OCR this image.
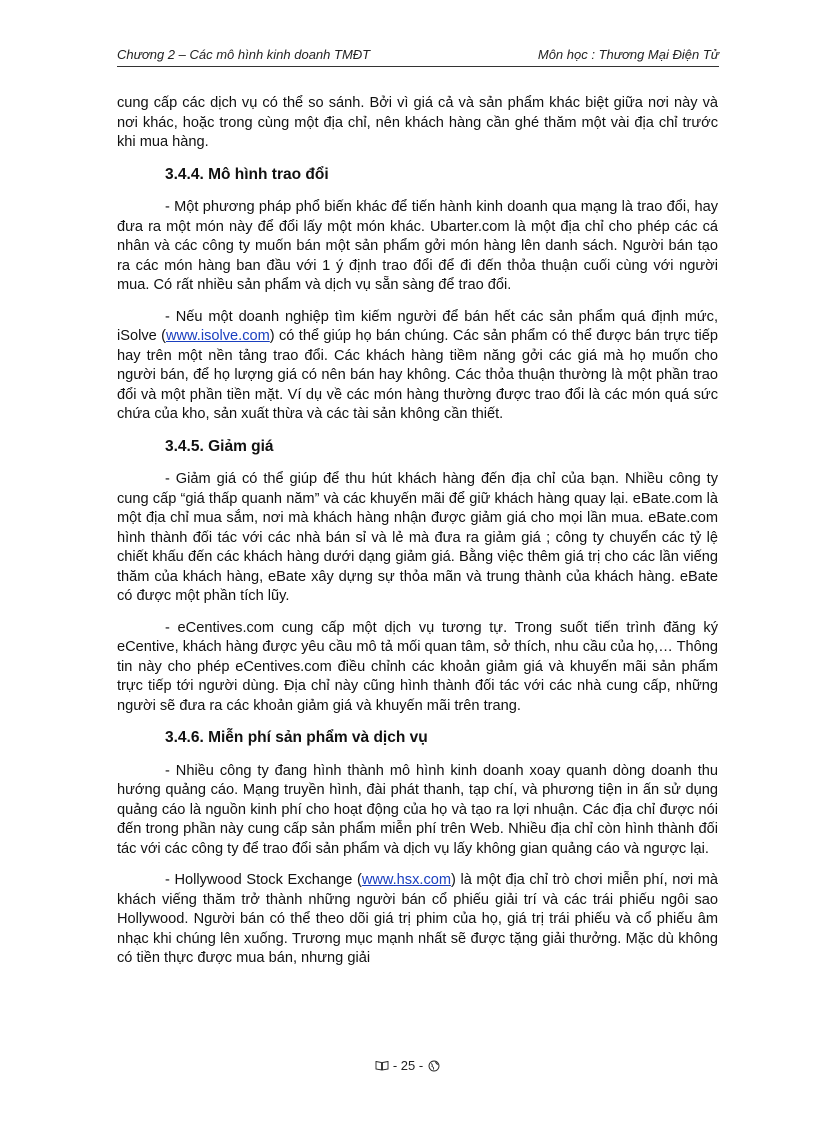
Chương 2 – Các mô hình kinh doanh TMĐT	Môn học : Thương Mại Điện Tử

cung cấp các dịch vụ có thể so sánh. Bởi vì giá cả và sản phẩm khác biệt giữa nơi này và nơi khác, hoặc trong cùng một địa chỉ, nên khách hàng cần ghé thăm một vài địa chỉ trước khi mua hàng.

3.4.4. Mô hình trao đổi

- Một phương pháp phổ biến khác để tiến hành kinh doanh qua mạng là trao đổi, hay đưa ra một món này để đổi lấy một món khác. Ubarter.com là một địa chỉ cho phép các cá nhân và các công ty muốn bán một sản phẩm gởi món hàng lên danh sách. Người bán tạo ra các món hàng ban đầu với 1 ý định trao đổi để đi đến thỏa thuận cuối cùng với người mua. Có rất nhiều sản phẩm và dịch vụ sẵn sàng để trao đổi.

- Nếu một doanh nghiệp tìm kiếm người để bán hết các sản phẩm quá định mức, iSolve (www.isolve.com) có thể giúp họ bán chúng. Các sản phẩm có thể được bán trực tiếp hay trên một nền tảng trao đổi. Các khách hàng tiềm năng gởi các giá mà họ muốn cho người bán, để họ lượng giá có nên bán hay không. Các thỏa thuận thường là một phần trao đổi và một phần tiền mặt. Ví dụ về các món hàng thường được trao đổi là các món quá sức chứa của kho, sản xuất thừa và các tài sản không cần thiết.

3.4.5. Giảm giá

- Giảm giá có thể giúp để thu hút khách hàng đến địa chỉ của bạn. Nhiều công ty cung cấp “giá thấp quanh năm” và các khuyến mãi để giữ khách hàng quay lại. eBate.com là một địa chỉ mua sắm, nơi mà khách hàng nhận được giảm giá cho mọi lần mua. eBate.com hình thành đối tác với các nhà bán sỉ và lẻ mà đưa ra giảm giá ; công ty chuyển các tỷ lệ chiết khấu đến các khách hàng dưới dạng giảm giá. Bằng việc thêm giá trị cho các lần viếng thăm của khách hàng, eBate xây dựng sự thỏa mãn và trung thành của khách hàng. eBate có được một phần tích lũy.

- eCentives.com cung cấp một dịch vụ tương tự. Trong suốt tiến trình đăng ký eCentive, khách hàng được yêu cầu mô tả mối quan tâm, sở thích, nhu cầu của họ,… Thông tin này cho phép eCentives.com điều chỉnh các khoản giảm giá và khuyến mãi sản phẩm trực tiếp tới người dùng. Địa chỉ này cũng hình thành đối tác với các nhà cung cấp, những người sẽ đưa ra các khoản giảm giá và khuyến mãi trên trang.

3.4.6. Miễn phí sản phẩm và dịch vụ

- Nhiều công ty đang hình thành mô hình kinh doanh xoay quanh dòng doanh thu hướng quảng cáo. Mạng truyền hình, đài phát thanh, tạp chí, và phương tiện in ấn sử dụng quảng cáo là nguồn kinh phí cho hoạt động của họ và tạo ra lợi nhuận. Các địa chỉ được nói đến trong phần này cung cấp sản phẩm miễn phí trên Web. Nhiều địa chỉ còn hình thành đối tác với các công ty để trao đổi sản phẩm và dịch vụ lấy không gian quảng cáo và ngược lại.

- Hollywood Stock Exchange (www.hsx.com) là một địa chỉ trò chơi miễn phí, nơi mà khách viếng thăm trở thành những người bán cổ phiếu giải trí và các trái phiếu ngôi sao Hollywood. Người bán có thể theo dõi giá trị phim của họ, giá trị trái phiếu và cổ phiếu âm nhạc khi chúng lên xuống. Trương mục mạnh nhất sẽ được tặng giải thưởng. Mặc dù không có tiền thực được mua bán, nhưng giải

- 25 -
